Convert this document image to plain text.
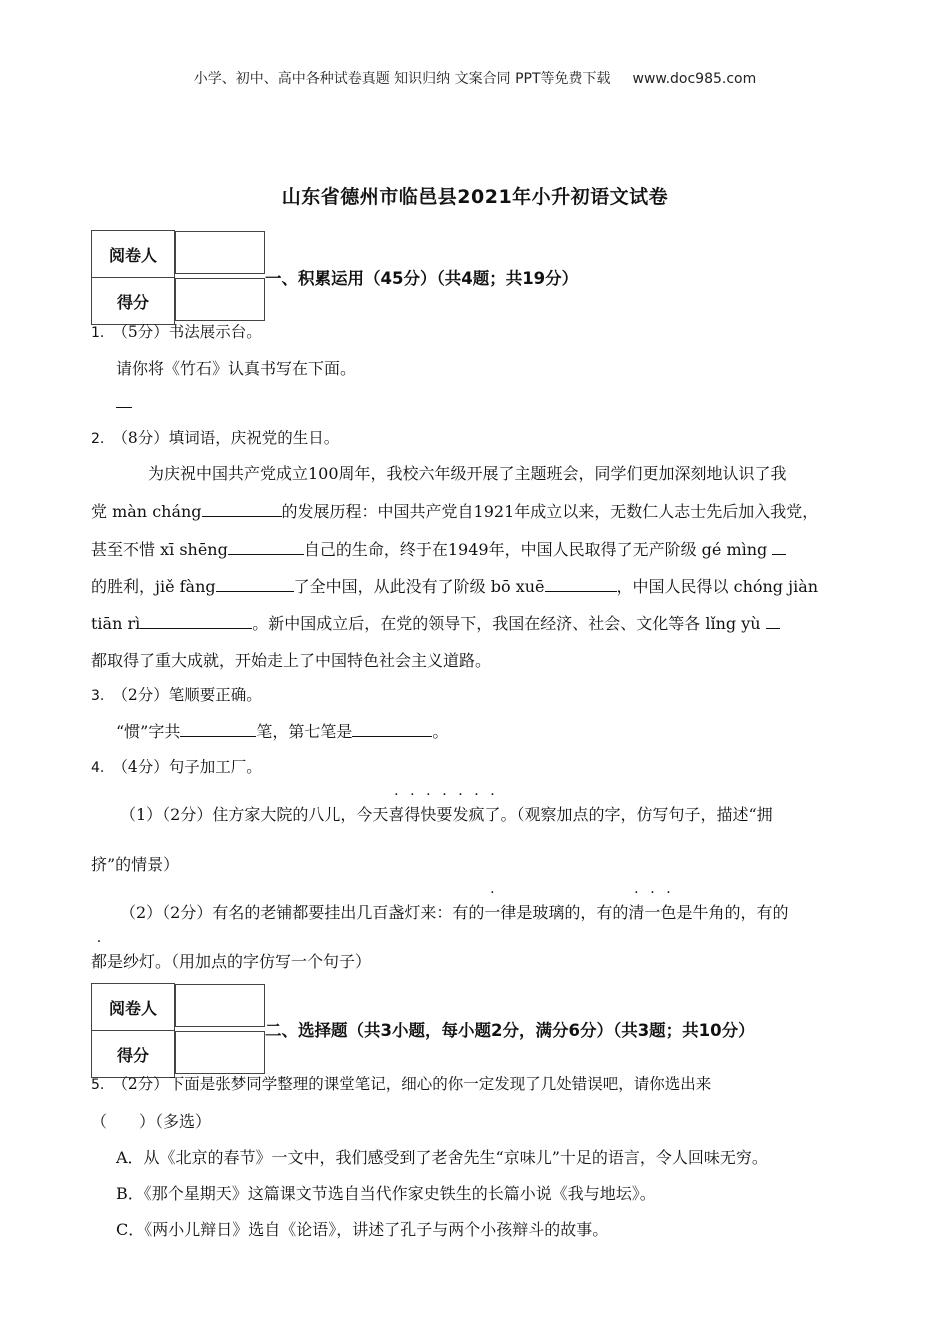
小学、初中、高中各种试卷真题 知识归纳 文案合同 PPT等免费下载 www.doc985.com
山东省德州市临邑县2021年小升初语文试卷
阅卷人	
得分	
一、积累运用（45分）（共4题；共19分）
1. （5分）书法展示台。
请你将《竹石》认真书写在下面。
2. （8分）填词语，庆祝党的生日。
为庆祝中国共产党成立100周年，我校六年级开展了主题班会，同学们更加深刻地认识了我
党 màn cháng	的发展历程：中国共产党自1921年成立以来，无数仁人志士先后加入我党，
甚至不惜 xī shēng	自己的生命，终于在1949年，中国人民取得了无产阶级 gé mìng
的胜利，jiě fàng	了全中国，从此没有了阶级 bō xuē	，中国人民得以 chóng jiàn
tiān rì	。新中国成立后，在党的领导下，我国在经济、社会、文化等各 lǐng yù
都取得了重大成就，开始走上了中国特色社会主义道路。
3. （2分）笔顺要正确。
“惯”字共	笔，第七笔是	。
4. （4分）句子加工厂。
（1）（2分）住方家大院的八儿，今天喜得快要发疯了。（观察加点的字，仿写句子，描述“拥
挤”的情景）
（2）（2分）有名的老铺都要挂出几百盏灯来：有的一律是玻璃的，有的清一色是牛角的，有的
都是纱灯。（用加点的字仿写一个句子）
阅卷人	
得分	
二、选择题（共3小题，每小题2分，满分6分）（共3题；共10分）
5. （2分）下面是张梦同学整理的课堂笔记，细心的你一定发现了几处错误吧，请你选出来
（　　）（多选）
A．从《北京的春节》一文中，我们感受到了老舍先生“京味儿”十足的语言，令人回味无穷。
B．《那个星期天》这篇课文节选自当代作家史铁生的长篇小说《我与地坛》。
C．《两小儿辩日》选自《论语》，讲述了孔子与两个小孩辩斗的故事。
